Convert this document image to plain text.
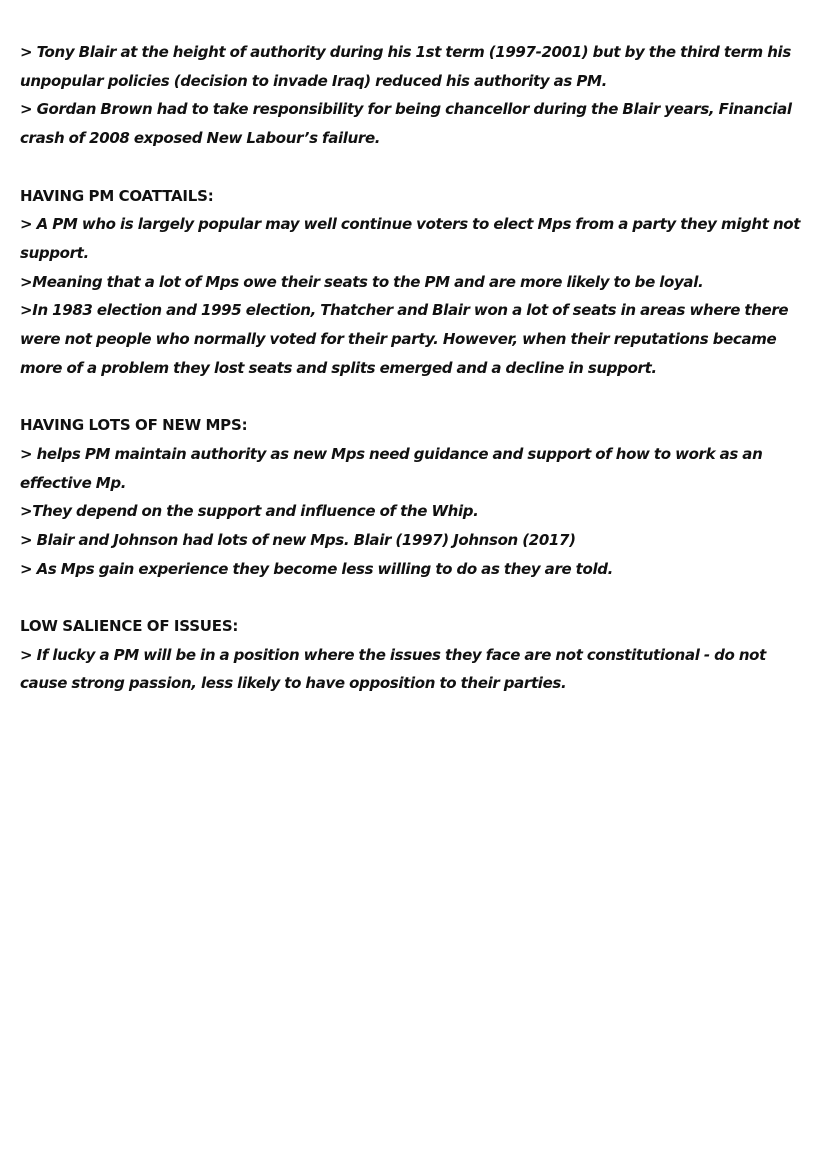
> Tony Blair at the height of authority during his 1st term (1997-2001) but by the third term his unpopular policies (decision to invade Iraq) reduced his authority as PM.

> Gordan Brown had to take responsibility for being chancellor during the Blair years, Financial crash of 2008 exposed New Labour’s failure.

HAVING PM COATTAILS:

> A PM who is largely popular may well continue voters to elect Mps from a party they might not support.

>Meaning that a lot of Mps owe their seats to the PM and are more likely to be loyal.

>In 1983 election and 1995 election, Thatcher and Blair won a lot of seats in areas where there were not people who normally voted for their party. However, when their reputations became more of a problem they lost seats and splits emerged and a decline in support.

HAVING LOTS OF NEW MPS:

> helps PM maintain authority as new Mps need guidance and support of how to work as an effective Mp.

>They depend on the support and influence of the Whip.

> Blair and Johnson had lots of new Mps. Blair (1997) Johnson (2017)

> As Mps gain experience they become less willing to do as they are told.

LOW SALIENCE OF ISSUES:

> If lucky a PM will be in a position where the issues they face are not constitutional - do not cause strong passion, less likely to have opposition to their parties.
